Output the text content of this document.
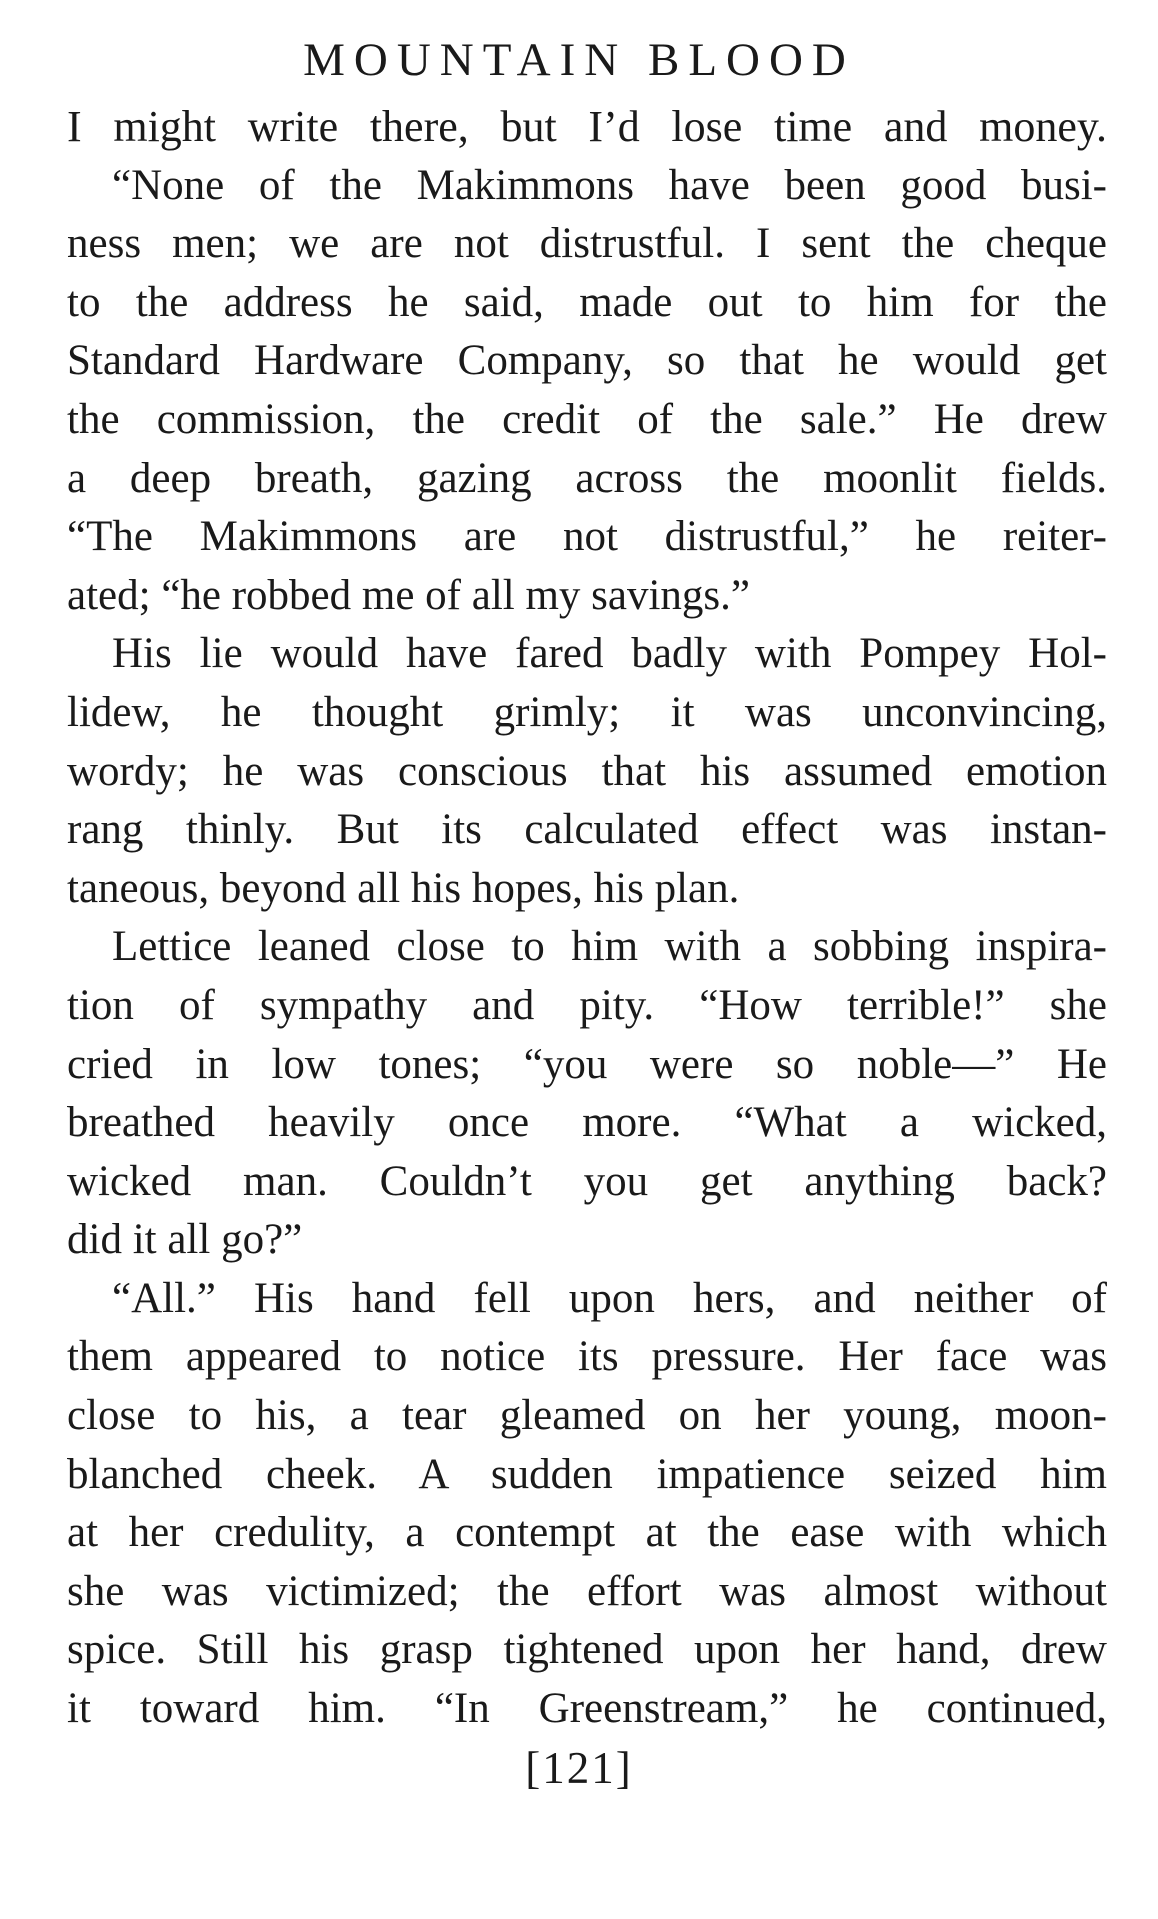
MOUNTAIN BLOOD
I might write there, but I’d lose time and money.
“None of the Makimmons have been good busi-
ness men; we are not distrustful. I sent the cheque
to the address he said, made out to him for the
Standard Hardware Company, so that he would get
the commission, the credit of the sale.” He drew
a deep breath, gazing across the moonlit fields.
“The Makimmons are not distrustful,” he reiter-
ated; “he robbed me of all my savings.”
His lie would have fared badly with Pompey Hol-
lidew, he thought grimly; it was unconvincing,
wordy; he was conscious that his assumed emotion
rang thinly. But its calculated effect was instan-
taneous, beyond all his hopes, his plan.
Lettice leaned close to him with a sobbing inspira-
tion of sympathy and pity. “How terrible!” she
cried in low tones; “you were so noble—” He
breathed heavily once more. “What a wicked,
wicked man. Couldn’t you get anything back?
did it all go?”
“All.” His hand fell upon hers, and neither of
them appeared to notice its pressure. Her face was
close to his, a tear gleamed on her young, moon-
blanched cheek. A sudden impatience seized him
at her credulity, a contempt at the ease with which
she was victimized; the effort was almost without
spice. Still his grasp tightened upon her hand, drew
it toward him. “In Greenstream,” he continued,
[121]
